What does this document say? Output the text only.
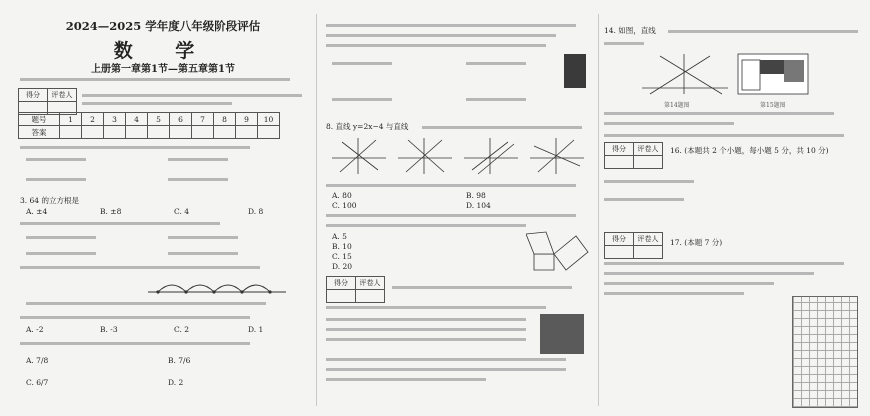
2024—2025 学年度八年级阶段评估
数 学
上册第一章第1节—第五章第1节
得分	评卷人

题号	1	2	3	4	5	6	7	8	9	10
答案										
3. 64 的立方根是
A. ±4	B. ±8	C. 4	D. 8
A. -2	B. -3	C. 2	D. 1
A. 7/8	B. 7/6
C. 6/7	D. 2
8. 直线 y=2x−4 与直线
A. 80	B. 98
C. 100	D. 104
A. 5
B. 10
C. 15
D. 20
得分	评卷人

14. 如图，直线
第14题图	第15题图
得分	评卷人
	16. (本题共 2 个小题，每小题 5 分，共 10 分)
得分	评卷人
	17. (本题 7 分)
